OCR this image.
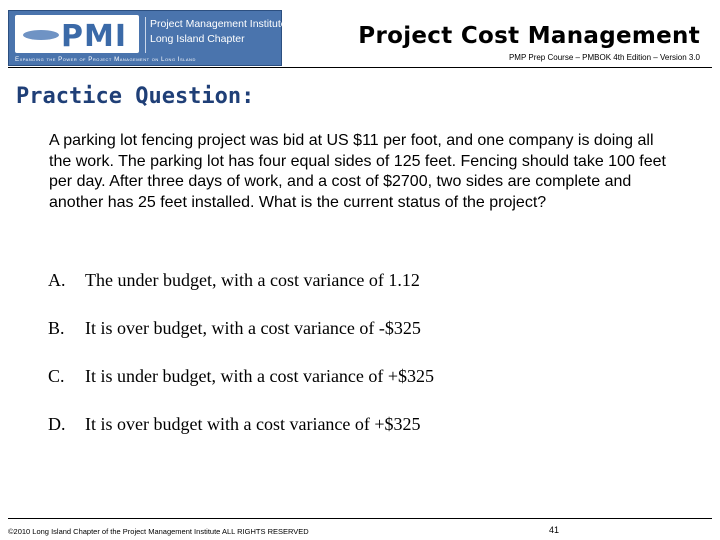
PMI Project Management Institute
Long Island Chapter
Expanding the Power of Project Management on Long Island
Project Cost Management
PMP Prep Course – PMBOK 4th Edition – Version 3.0
Practice Question:
A parking lot fencing project was bid at US $11 per foot, and one company is doing all the work. The parking lot has four equal sides of 125 feet. Fencing should take 100 feet per day. After three days of work, and a cost of $2700, two sides are complete and another has 25 feet installed. What is the current status of the project?
A. The under budget, with a cost variance of 1.12
B. It is over budget, with a cost variance of -$325
C. It is under budget, with a cost variance of +$325
D. It is over budget with a cost variance of +$325
©2010 Long Island Chapter of the Project Management Institute ALL RIGHTS RESERVED	41
